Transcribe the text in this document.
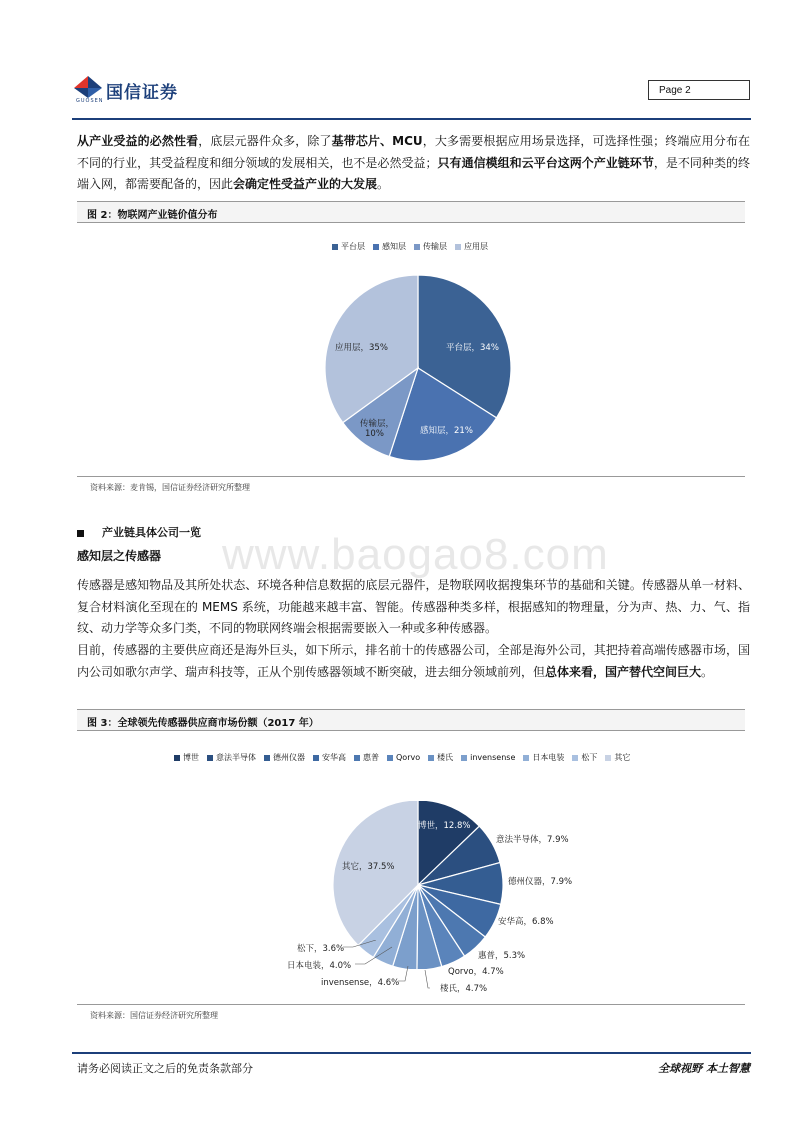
国信证券
GUOSEN
Page 2

从产业受益的必然性看，底层元器件众多，除了基带芯片、MCU，大多需要根据应用场景选择，可选择性强；终端应用分布在不同的行业，其受益程度和细分领域的发展相关，也不是必然受益；只有通信模组和云平台这两个产业链环节，是不同种类的终端入网，都需要配备的，因此会确定性受益产业的大发展。

图 2：物联网产业链价值分布
平台层 感知层 传输层 应用层
平台层，34%
感知层，21%
传输层，
10%
应用层，35%
资料来源：麦肯锡，国信证券经济研究所整理
www.baogao8.com
产业链具体公司一览
感知层之传感器

传感器是感知物品及其所处状态、环境各种信息数据的底层元器件，是物联网收据搜集环节的基础和关键。传感器从单一材料、复合材料演化至现在的 MEMS 系统，功能越来越丰富、智能。传感器种类多样，根据感知的物理量，分为声、热、力、气、指纹、动力学等众多门类，不同的物联网终端会根据需要嵌入一种或多种传感器。

目前，传感器的主要供应商还是海外巨头，如下所示，排名前十的传感器公司，全部是海外公司，其把持着高端传感器市场，国内公司如歌尔声学、瑞声科技等，正从个别传感器领域不断突破，进去细分领域前列，但总体来看，国产替代空间巨大。

图 3：全球领先传感器供应商市场份额（2017 年）
博世 意法半导体 德州仪器 安华高 惠普 Qorvo 楼氏 invensense 日本电装 松下 其它
博世，12.8%
意法半导体，7.9%
德州仪器，7.9%
安华高，6.8%
惠普，5.3%
Qorvo，4.7%
楼氏，4.7%
invensense，4.6%
日本电装，4.0%
松下，3.6%
其它，37.5%
资料来源：国信证券经济研究所整理
请务必阅读正文之后的免责条款部分	全球视野 本土智慧
